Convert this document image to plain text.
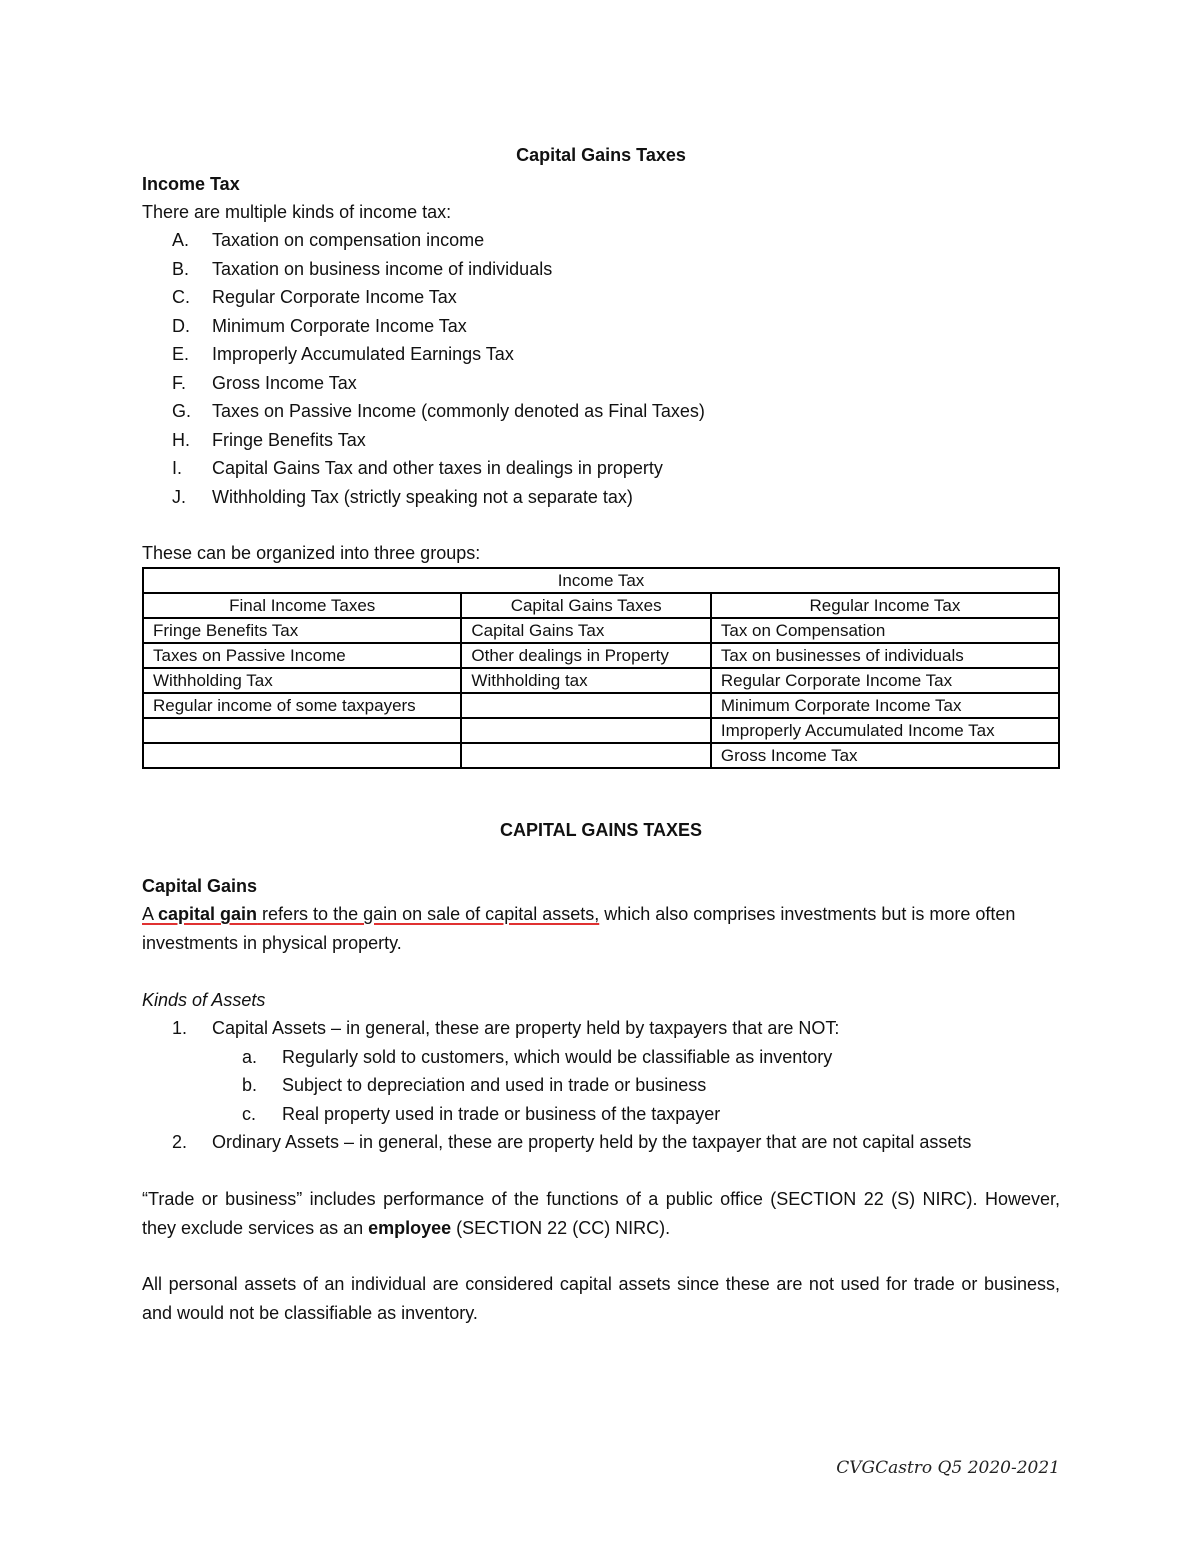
Capital Gains Taxes
Income Tax
There are multiple kinds of income tax:
A. Taxation on compensation income
B. Taxation on business income of individuals
C. Regular Corporate Income Tax
D. Minimum Corporate Income Tax
E. Improperly Accumulated Earnings Tax
F. Gross Income Tax
G. Taxes on Passive Income (commonly denoted as Final Taxes)
H. Fringe Benefits Tax
I. Capital Gains Tax and other taxes in dealings in property
J. Withholding Tax (strictly speaking not a separate tax)
These can be organized into three groups:
Income Tax		
Final Income Taxes	Capital Gains Taxes	Regular Income Tax
Fringe Benefits Tax	Capital Gains Tax	Tax on Compensation
Taxes on Passive Income	Other dealings in Property	Tax on businesses of individuals
Withholding Tax	Withholding tax	Regular Corporate Income Tax
Regular income of some taxpayers		Minimum Corporate Income Tax
		Improperly Accumulated Income Tax
		Gross Income Tax
CAPITAL GAINS TAXES
Capital Gains
A capital gain refers to the gain on sale of capital assets, which also comprises investments but is more often investments in physical property.
Kinds of Assets
1. Capital Assets – in general, these are property held by taxpayers that are NOT:
a. Regularly sold to customers, which would be classifiable as inventory
b. Subject to depreciation and used in trade or business
c. Real property used in trade or business of the taxpayer
2. Ordinary Assets – in general, these are property held by the taxpayer that are not capital assets
“Trade or business” includes performance of the functions of a public office (SECTION 22 (S) NIRC). However, they exclude services as an employee (SECTION 22 (CC) NIRC).
All personal assets of an individual are considered capital assets since these are not used for trade or business, and would not be classifiable as inventory.
CVGCastro Q5 2020-2021
